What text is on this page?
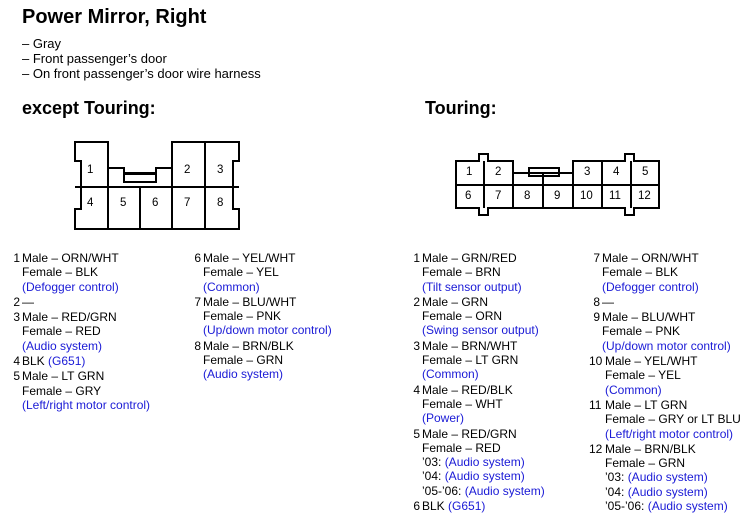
Power Mirror, Right
– Gray
– Front passenger’s door
– On front passenger’s door wire harness
except Touring:	Touring:
1	2 3
4 5 6 7 8
1 2	3 4 5
6 7 8 9 10 11 12
1 Male – ORN/WHT
Female – BLK
(Defogger control)
2 —
3 Male – RED/GRN
Female – RED
(Audio system)
4 BLK (G651)
5 Male – LT GRN
Female – GRY
(Left/right motor control)
6 Male – YEL/WHT
Female – YEL
(Common)
7 Male – BLU/WHT
Female – PNK
(Up/down motor control)
8 Male – BRN/BLK
Female – GRN
(Audio system)
1 Male – GRN/RED
Female – BRN
(Tilt sensor output)
2 Male – GRN
Female – ORN
(Swing sensor output)
3 Male – BRN/WHT
Female – LT GRN
(Common)
4 Male – RED/BLK
Female – WHT
(Power)
5 Male – RED/GRN
Female – RED
’03: (Audio system)
’04: (Audio system)
’05-’06: (Audio system)
6 BLK (G651)
7 Male – ORN/WHT
Female – BLK
(Defogger control)
8 —
9 Male – BLU/WHT
Female – PNK
(Up/down motor control)
10 Male – YEL/WHT
Female – YEL
(Common)
11 Male – LT GRN
Female – GRY or LT BLU
(Left/right motor control)
12 Male – BRN/BLK
Female – GRN
’03: (Audio system)
’04: (Audio system)
’05-’06: (Audio system)
